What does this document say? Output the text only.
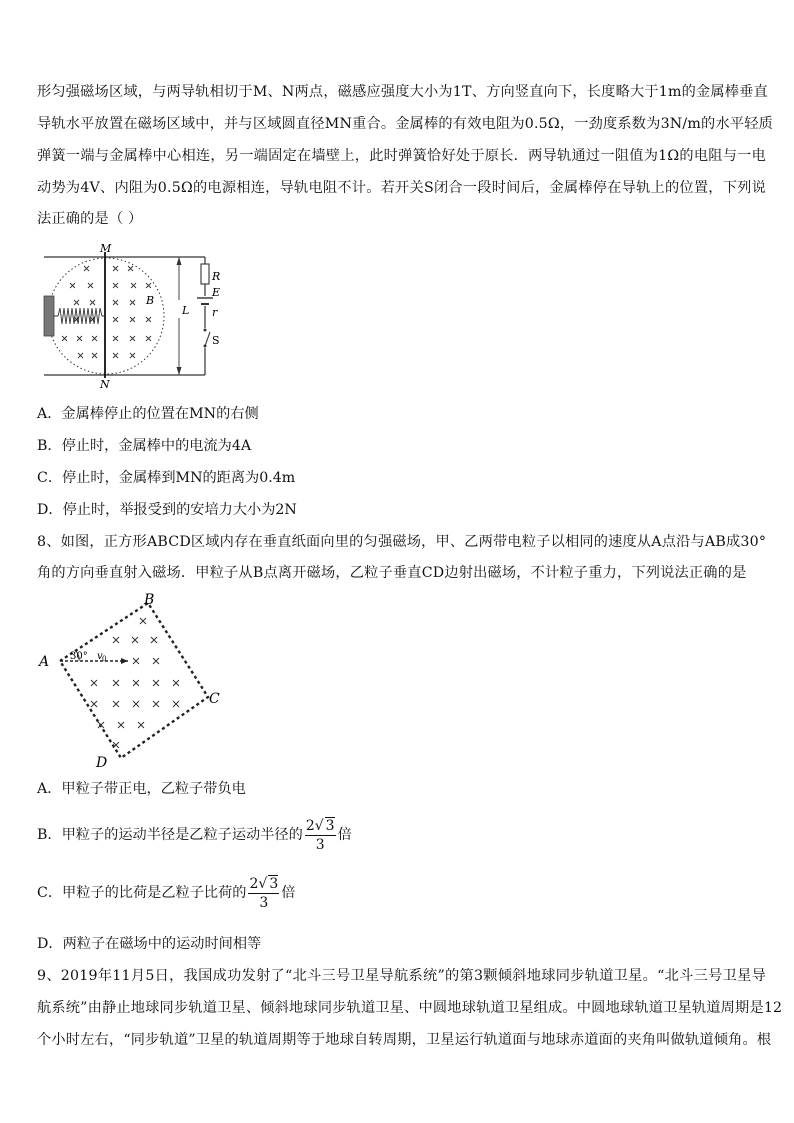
形匀强磁场区域，与两导轨相切于M、N两点，磁感应强度大小为1T、方向竖直向下，长度略大于1m的金属棒垂直
导轨水平放置在磁场区域中，并与区域圆直径MN重合。金属棒的有效电阻为0.5Ω，一劲度系数为3N/m的水平轻质
弹簧一端与金属棒中心相连，另一端固定在墙壁上，此时弹簧恰好处于原长．两导轨通过一阻值为1Ω的电阻与一电
动势为4V、内阻为0.5Ω的电源相连，导轨电阻不计。若开关S闭合一段时间后，金属棒停在导轨上的位置，下列说
法正确的是（ ）
M
N
B
L
R
E
r
S
A．金属棒停止的位置在MN的右侧
B．停止时，金属棒中的电流为4A
C．停止时，金属棒到MN的距离为0.4m
D．停止时，举报受到的安培力大小为2N
8、如图，正方形ABCD区域内存在垂直纸面向里的匀强磁场，甲、乙两带电粒子以相同的速度从A点沿与AB成30°
角的方向垂直射入磁场．甲粒子从B点离开磁场，乙粒子垂直CD边射出磁场，不计粒子重力，下列说法正确的是
A
B
C
D
30° v 0
A．甲粒子带正电，乙粒子带负电
B．甲粒子的运动半径是乙粒子运动半径的 $\frac{2√ 3}{3}$ 倍
C．甲粒子的比荷是乙粒子比荷的 $\frac{2√ 3}{3}$ 倍
D．两粒子在磁场中的运动时间相等
9、2019年11月5日，我国成功发射了“北斗三号卫星导航系统”的第3颗倾斜地球同步轨道卫星。“北斗三号卫星导
航系统”由静止地球同步轨道卫星、倾斜地球同步轨道卫星、中圆地球轨道卫星组成。中圆地球轨道卫星轨道周期是12
个小时左右，“同步轨道”卫星的轨道周期等于地球自转周期，卫星运行轨道面与地球赤道面的夹角叫做轨道倾角。根
